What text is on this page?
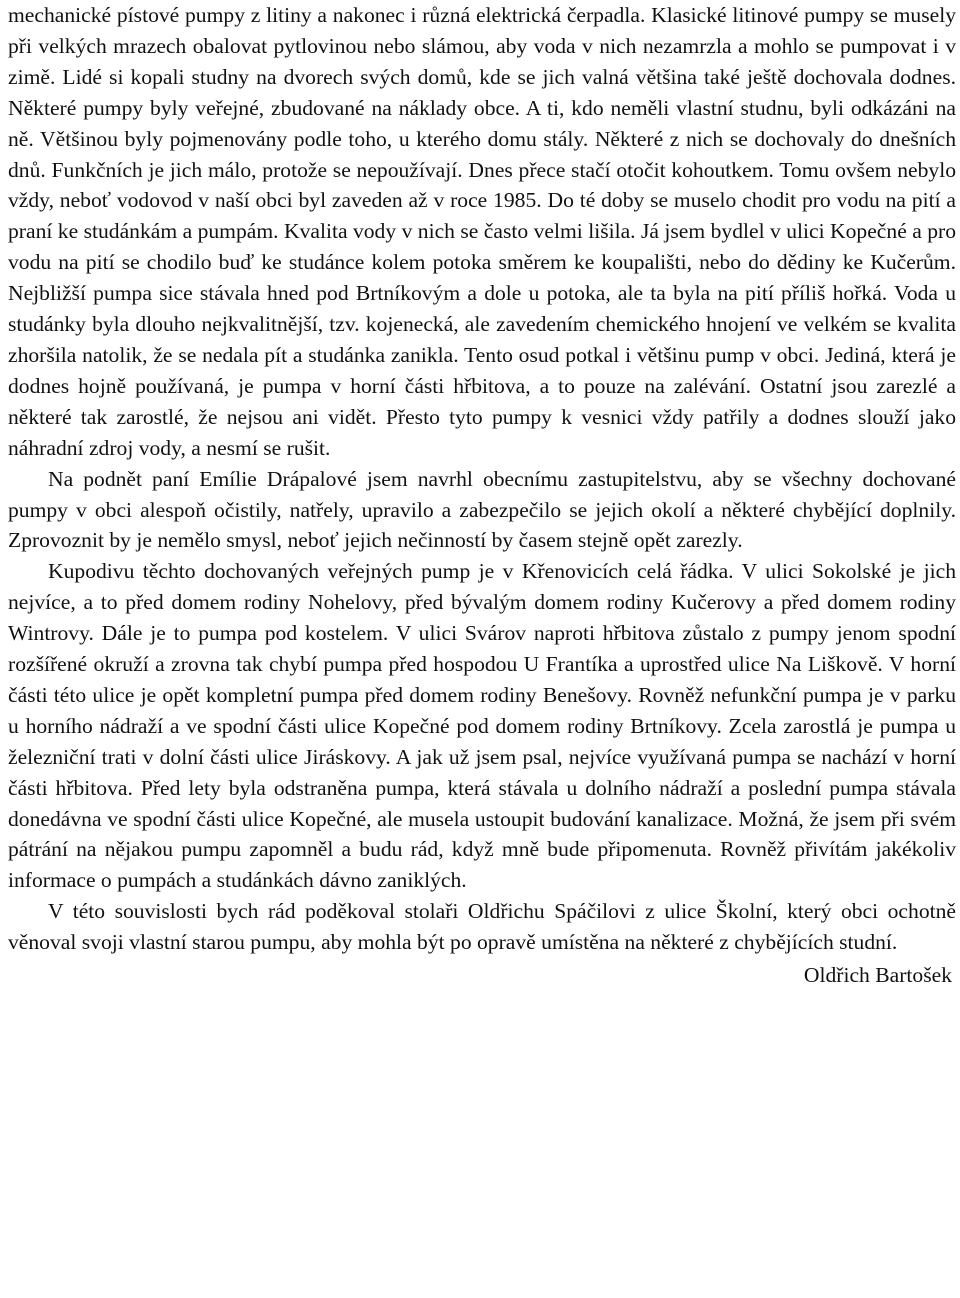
mechanické pístové pumpy z litiny a nakonec i různá elektrická čerpadla. Klasické litinové pumpy se musely při velkých mrazech obalovat pytlovinou nebo slámou, aby voda v nich nezamrzla a mohlo se pumpovat i v zimě. Lidé si kopali studny na dvorech svých domů, kde se jich valná většina také ještě dochovala dodnes. Některé pumpy byly veřejné, zbudované na náklady obce. A ti, kdo neměli vlastní studnu, byli odkázáni na ně. Většinou byly pojmenovány podle toho, u kterého domu stály. Některé z nich se dochovaly do dnešních dnů. Funkčních je jich málo, protože se nepoužívají. Dnes přece stačí otočit kohoutkem. Tomu ovšem nebylo vždy, neboť vodovod v naší obci byl zaveden až v roce 1985. Do té doby se muselo chodit pro vodu na pití a praní ke studánkám a pumpám. Kvalita vody v nich se často velmi lišila. Já jsem bydlel v ulici Kopečné a pro vodu na pití se chodilo buď ke studánce kolem potoka směrem ke koupališti, nebo do dědiny ke Kučerům. Nejbližší pumpa sice stávala hned pod Brtníkovým a dole u potoka, ale ta byla na pití příliš hořká. Voda u studánky byla dlouho nejkvalitnější, tzv. kojenecká, ale zavedením chemického hnojení ve velkém se kvalita zhoršila natolik, že se nedala pít a studánka zanikla. Tento osud potkal i většinu pump v obci. Jediná, která je dodnes hojně používaná, je pumpa v horní části hřbitova, a to pouze na zalévání. Ostatní jsou zarezlé a některé tak zarostlé, že nejsou ani vidět. Přesto tyto pumpy k vesnici vždy patřily a dodnes slouží jako náhradní zdroj vody, a nesmí se rušit.

Na podnět paní Emílie Drápalové jsem navrhl obecnímu zastupitelstvu, aby se všechny dochované pumpy v obci alespoň očistily, natřely, upravilo a zabezpečilo se jejich okolí a některé chybějící doplnily. Zprovoznit by je nemělo smysl, neboť jejich nečinností by časem stejně opět zarezly.

Kupodivu těchto dochovaných veřejných pump je v Křenovicích celá řádka. V ulici Sokolské je jich nejvíce, a to před domem rodiny Nohelovy, před bývalým domem rodiny Kučerovy a před domem rodiny Wintrovy. Dále je to pumpa pod kostelem. V ulici Svárov naproti hřbitova zůstalo z pumpy jenom spodní rozšířené okruží a zrovna tak chybí pumpa před hospodou U Frantíka a uprostřed ulice Na Liškově. V horní části této ulice je opět kompletní pumpa před domem rodiny Benešovy. Rovněž nefunkční pumpa je v parku u horního nádraží a ve spodní části ulice Kopečné pod domem rodiny Brtníkovy. Zcela zarostlá je pumpa u železniční trati v dolní části ulice Jiráskovy. A jak už jsem psal, nejvíce využívaná pumpa se nachází v horní části hřbitova. Před lety byla odstraněna pumpa, která stávala u dolního nádraží a poslední pumpa stávala donedávna ve spodní části ulice Kopečné, ale musela ustoupit budování kanalizace. Možná, že jsem při svém pátrání na nějakou pumpu zapomněl a budu rád, když mně bude připomenuta. Rovněž přivítám jakékoliv informace o pumpách a studánkách dávno zaniklých.

V této souvislosti bych rád poděkoval stolaři Oldřichu Spáčilovi z ulice Školní, který obci ochotně věnoval svoji vlastní starou pumpu, aby mohla být po opravě umístěna na některé z chybějících studní.

Oldřich Bartošek
